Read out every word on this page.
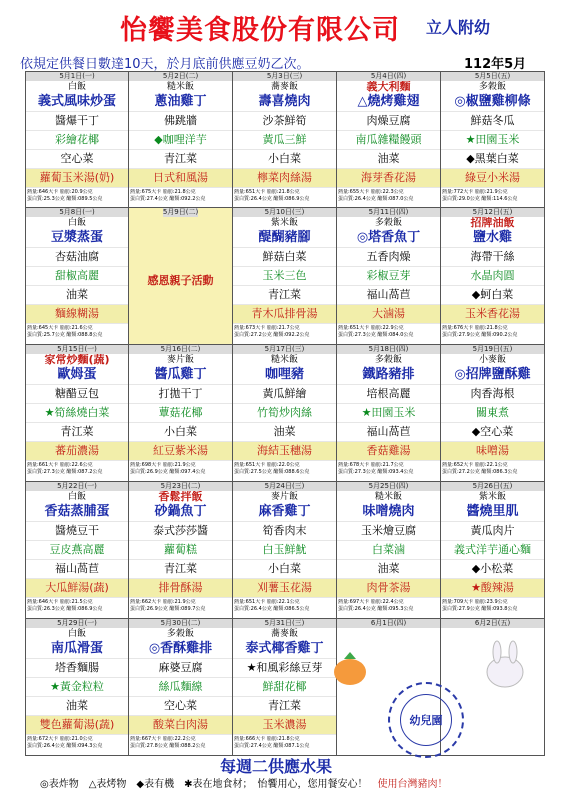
怡饗美食股份有限公司 立人附幼
依規定供餐日數達10天，於月底前供應豆奶乙次。	112年5月
5月1日(一)
白飯
義式風味炒蛋
醬爆干丁
彩繪花椰
空心菜
蘿蔔玉米湯(奶)
熱量:646大卡 脂肪:20.9公克
蛋白質:25.3公克 醣類:089.5公克
5月2日(二)
糙米飯
蔥油雞丁
佛跳牆
◆咖哩洋芋
青江菜
日式和風湯
熱量:675大卡 脂肪:21.8公克
蛋白質:27.4公克 醣類:092.2公克
5月3日(三)
蕎麥飯
壽喜燒肉
沙茶鮮筍
黃瓜三鮮
小白菜
檸菜肉絲湯
熱量:651大卡 脂肪:21.8公克
蛋白質:26.4公克 醣類:086.9公克
5月4日(四)
義大利麵
△燒烤雞翅
肉燥豆腐
南瓜雜糧饅頭
油菜
海芽香花湯
熱量:655大卡 脂肪:22.3公克
蛋白質:26.4公克 醣類:087.0公克
5月5日(五)
多穀飯
◎椒鹽雞柳條
鮮菇冬瓜
★田園玉米
◆黑葉白菜
綠豆小米湯
熱量:772大卡 脂肪:21.9公克
蛋白質:29.0公克 醣類:114.6公克
5月8日(一)
白飯
豆漿蒸蛋
杏菇油腐
甜椒高麗
油菜
麵線糊湯
熱量:645大卡 脂肪:21.6公克
蛋白質:25.7公克 醣類:088.8公克
5月9日(二)
感恩親子活動
5月10日(三)
紫米飯
醍醐豬腳
鮮菇白菜
玉米三色
青江菜
青木瓜排骨湯
熱量:673大卡 脂肪:21.7公克
蛋白質:27.2公克 醣類:092.2公克
5月11日(四)
多穀飯
◎塔香魚丁
五香肉燥
彩椒豆芽
福山萵苣
大滷湯
熱量:651大卡 脂肪:22.9公克
蛋白質:27.3公克 醣類:084.0公克
5月12日(五)
招牌油飯
鹽水雞
海帶干絲
水晶肉圓
◆蚵白菜
玉米香花湯
熱量:676大卡 脂肪:21.8公克
蛋白質:27.9公克 醣類:090.2公克
5月15日(一)
家常炒麵(蔬)
歐姆蛋
糖醋豆包
★筍絲燒白菜
青江菜
蕃茄濃湯
熱量:661大卡 脂肪:22.6公克
蛋白質:27.3公克 醣類:087.2公克
5月16日(二)
麥片飯
醬瓜雞丁
打拋干丁
蕈菇花椰
小白菜
紅豆紫米湯
熱量:698大卡 脂肪:21.9公克
蛋白質:26.9公克 醣類:097.4公克
5月17日(三)
糙米飯
咖哩豬
黃瓜鮮繪
竹筍炒肉絲
油菜
海結玉穗湯
熱量:651大卡 脂肪:22.0公克
蛋白質:27.5公克 醣類:088.6公克
5月18日(四)
多穀飯
鐵路豬排
培根高麗
★田園玉米
福山萵苣
香菇雞湯
熱量:678大卡 脂肪:21.7公克
蛋白質:27.3公克 醣類:093.4公克
5月19日(五)
小麥飯
◎招牌鹽酥雞
肉香海根
關東煮
◆空心菜
味噌湯
熱量:652大卡 脂肪:22.1公克
蛋白質:27.2公克 醣類:086.3公克
5月22日(一)
白飯
香菇蒸脯蛋
醬燒豆干
豆皮燕高麗
福山萵苣
大瓜鮮湯(蔬)
熱量:646大卡 脂肪:21.5公克
蛋白質:26.3公克 醣類:086.9公克
5月23日(二)
香鬆拌飯
砂鍋魚丁
泰式莎莎醬
蘿蔔糕
青江菜
排骨酥湯
熱量:662大卡 脂肪:21.9公克
蛋白質:26.9公克 醣類:089.7公克
5月24日(三)
麥片飯
麻香雞丁
筍香肉末
白玉鮮魷
小白菜
刈薯玉花湯
熱量:651大卡 脂肪:22.1公克
蛋白質:26.4公克 醣類:086.5公克
5月25日(四)
糙米飯
味噌燒肉
玉米燴豆腐
白菜滷
油菜
肉骨茶湯
熱量:697大卡 脂肪:22.4公克
蛋白質:26.4公克 醣類:095.3公克
5月26日(五)
紫米飯
醬燒里肌
黃瓜肉片
義式洋芋通心麵
◆小松菜
★酸辣湯
熱量:709大卡 脂肪:23.9公克
蛋白質:27.9公克 醣類:093.8公克
5月29日(一)
白飯
南瓜滑蛋
塔香麵腸
★黃金粒粒
油菜
雙色蘿蔔湯(蔬)
熱量:672大卡 脂肪:21.0公克
蛋白質:26.4公克 醣類:094.3公克
5月30日(二)
多穀飯
◎香酥雞排
麻婆豆腐
絲瓜麵線
空心菜
酸菜白肉湯
熱量:667大卡 脂肪:22.2公克
蛋白質:27.8公克 醣類:088.2公克
5月31日(三)
蕎麥飯
泰式椰香雞丁
★和風彩絲豆芽
鮮甜花椰
青江菜
玉米濃湯
熱量:666大卡 脂肪:21.8公克
蛋白質:27.4公克 醣類:087.1公克
6月1日(四)	6月2日(五)
幼兒園
每週二供應水果
◎表炸物　△表烤物　◆表有機　✱表在地食材；　怡饗用心，您用餐安心！　使用台灣豬肉！
